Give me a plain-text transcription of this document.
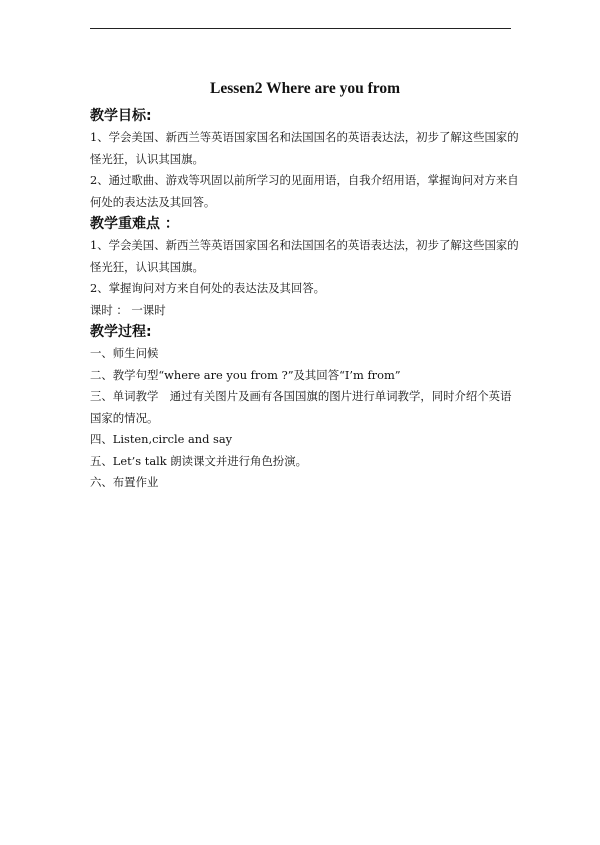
Lessen2 Where are you from
教学目标:

1、学会美国、新西兰等英语国家国名和法国国名的英语表达法，初步了解这些国家的怪光狂，认识其国旗。

2、通过歌曲、游戏等巩固以前所学习的见面用语，自我介绍用语，掌握询问对方来自何处的表达法及其回答。

教学重难点 ：

1、学会美国、新西兰等英语国家国名和法国国名的英语表达法，初步了解这些国家的怪光狂，认识其国旗。

2、掌握询问对方来自何处的表达法及其回答。

课时 ： 一课时

教学过程:

一、师生问候

二、教学句型“where are you from ?”及其回答“I’m from”

三、单词教学　通过有关图片及画有各国国旗的图片进行单词教学，同时介绍个英语国家的情况。

四、Listen,circle and say

五、Let’s talk 朗读课文并进行角色扮演。

六、布置作业
